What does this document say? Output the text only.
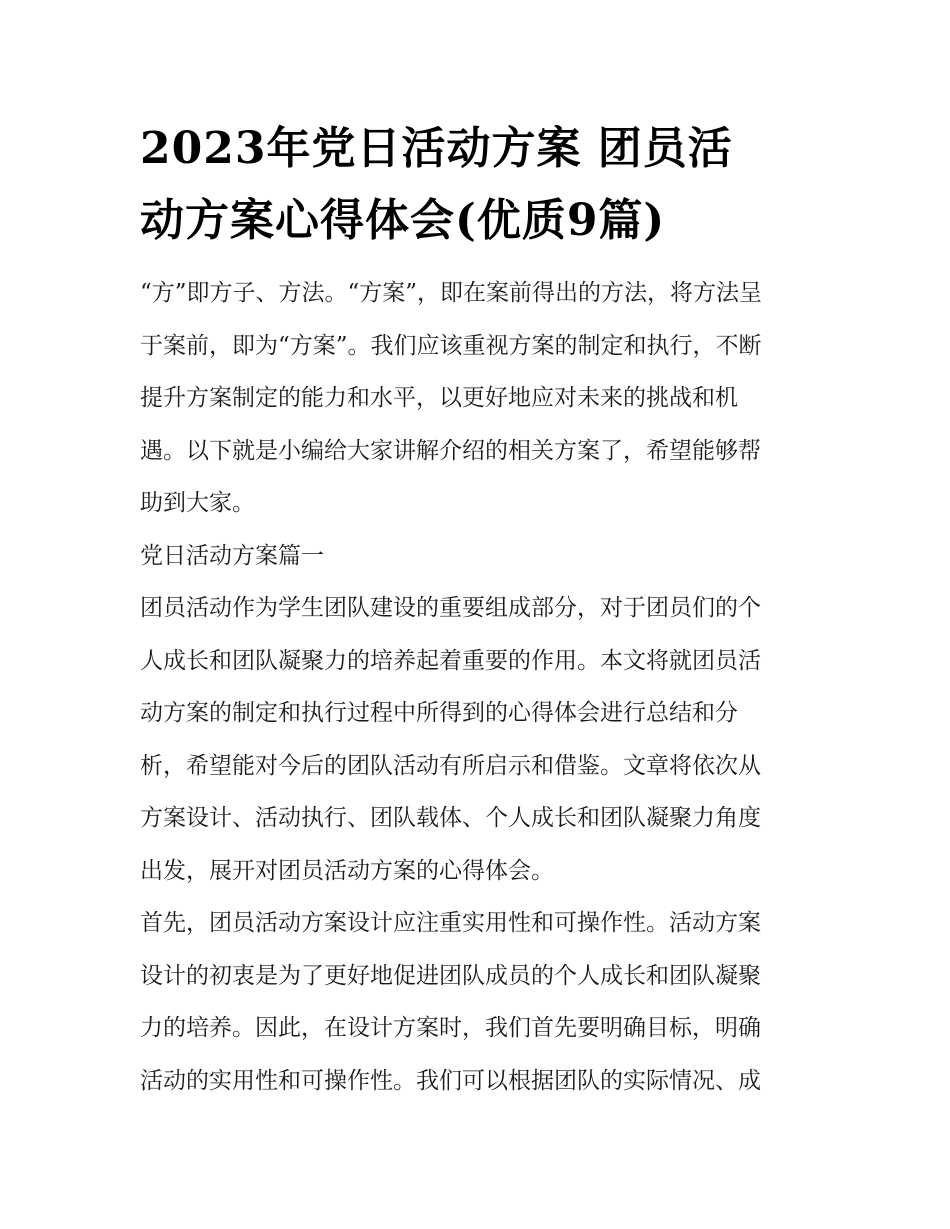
2023年党日活动方案 团员活
动方案心得体会(优质9篇)

“方”即方子、方法。“方案”，即在案前得出的方法，将方法呈
于案前，即为“方案”。我们应该重视方案的制定和执行，不断
提升方案制定的能力和水平，以更好地应对未来的挑战和机
遇。以下就是小编给大家讲解介绍的相关方案了，希望能够帮
助到大家。

党日活动方案篇一

团员活动作为学生团队建设的重要组成部分，对于团员们的个
人成长和团队凝聚力的培养起着重要的作用。本文将就团员活
动方案的制定和执行过程中所得到的心得体会进行总结和分
析，希望能对今后的团队活动有所启示和借鉴。文章将依次从
方案设计、活动执行、团队载体、个人成长和团队凝聚力角度
出发，展开对团员活动方案的心得体会。

首先，团员活动方案设计应注重实用性和可操作性。活动方案
设计的初衷是为了更好地促进团队成员的个人成长和团队凝聚
力的培养。因此，在设计方案时，我们首先要明确目标，明确
活动的实用性和可操作性。我们可以根据团队的实际情况、成
